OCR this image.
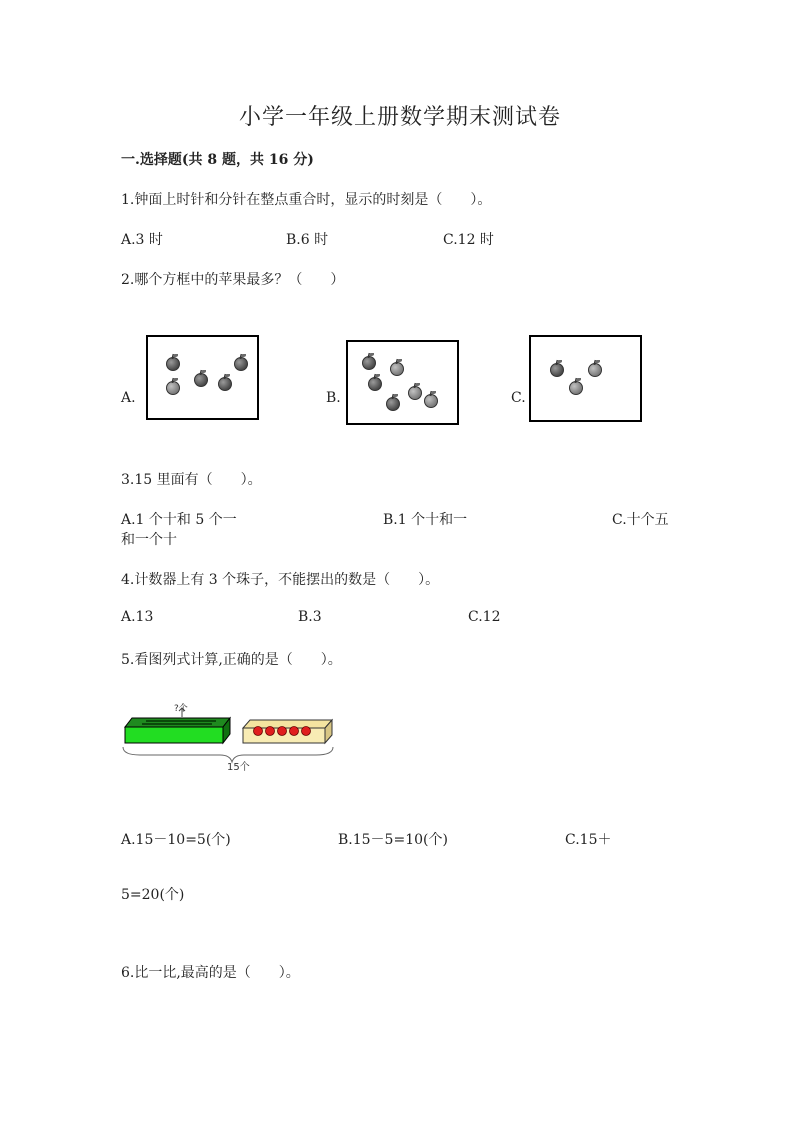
小学一年级上册数学期末测试卷
一.选择题(共 8 题，共 16 分)
1.钟面上时针和分针在整点重合时，显示的时刻是（　　）。
A.3 时	B.6 时	C.12 时
2.哪个方框中的苹果最多？（　　）
A.	B.	C.
3.15 里面有（　　）。
A.1 个十和 5 个一	B.1 个十和一	C.十个五
和一个十
4.计数器上有 3 个珠子，不能摆出的数是（　　）。
A.13	B.3	C.12
5.看图列式计算,正确的是（　　）。
?个
15个
A.15－10=5(个)	B.15－5=10(个)	C.15＋
5=20(个)
6.比一比,最高的是（　　）。
